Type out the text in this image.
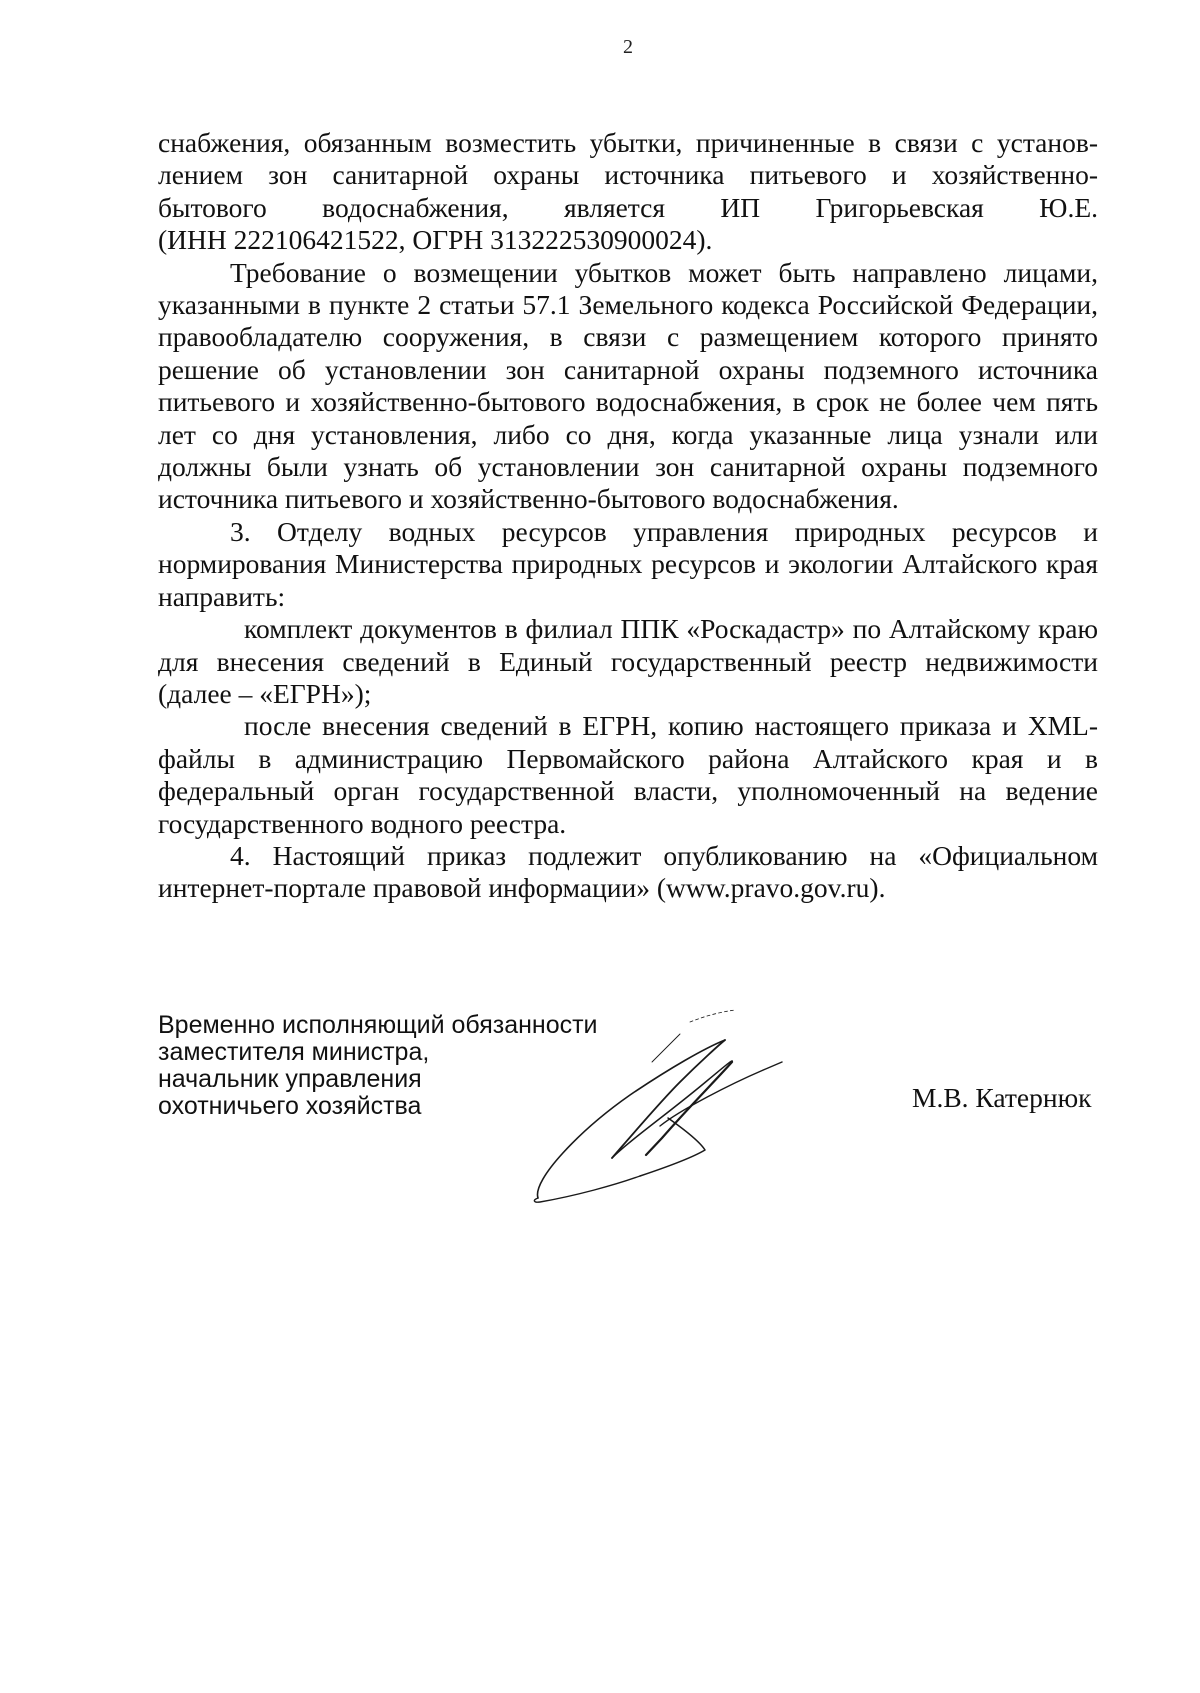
2

снабжения, обязанным возместить убытки, причиненные в связи с установ-
лением зон санитарной охраны источника питьевого и хозяйственно-
бытового водоснабжения, является ИП Григорьевская Ю.Е.
(ИНН 222106421522, ОГРН 313222530900024).

Требование о возмещении убытков может быть направлено лицами, указанными в пункте 2 статьи 57.1 Земельного кодекса Российской Федерации, правообладателю сооружения, в связи с размещением которого принято решение об установлении зон санитарной охраны подземного источника питьевого и хозяйственно-бытового водоснабжения, в срок не более чем пять лет со дня установления, либо со дня, когда указанные лица узнали или должны были узнать об установлении зон санитарной охраны подземного источника питьевого и хозяйственно-бытового водоснабжения.

3. Отделу водных ресурсов управления природных ресурсов и нормирования Министерства природных ресурсов и экологии Алтайского края направить:

комплект документов в филиал ППК «Роскадастр» по Алтайскому краю для внесения сведений в Единый государственный реестр недвижимости (далее – «ЕГРН»);

после внесения сведений в ЕГРН, копию настоящего приказа и XML-файлы в администрацию Первомайского района Алтайского края и в федеральный орган государственной власти, уполномоченный на ведение государственного водного реестра.

4. Настоящий приказ подлежит опубликованию на «Официальном интернет-портале правовой информации» (www.pravo.gov.ru).

Временно исполняющий обязанности
заместителя министра,
начальник управления
охотничьего хозяйства	М.В. Катернюк
